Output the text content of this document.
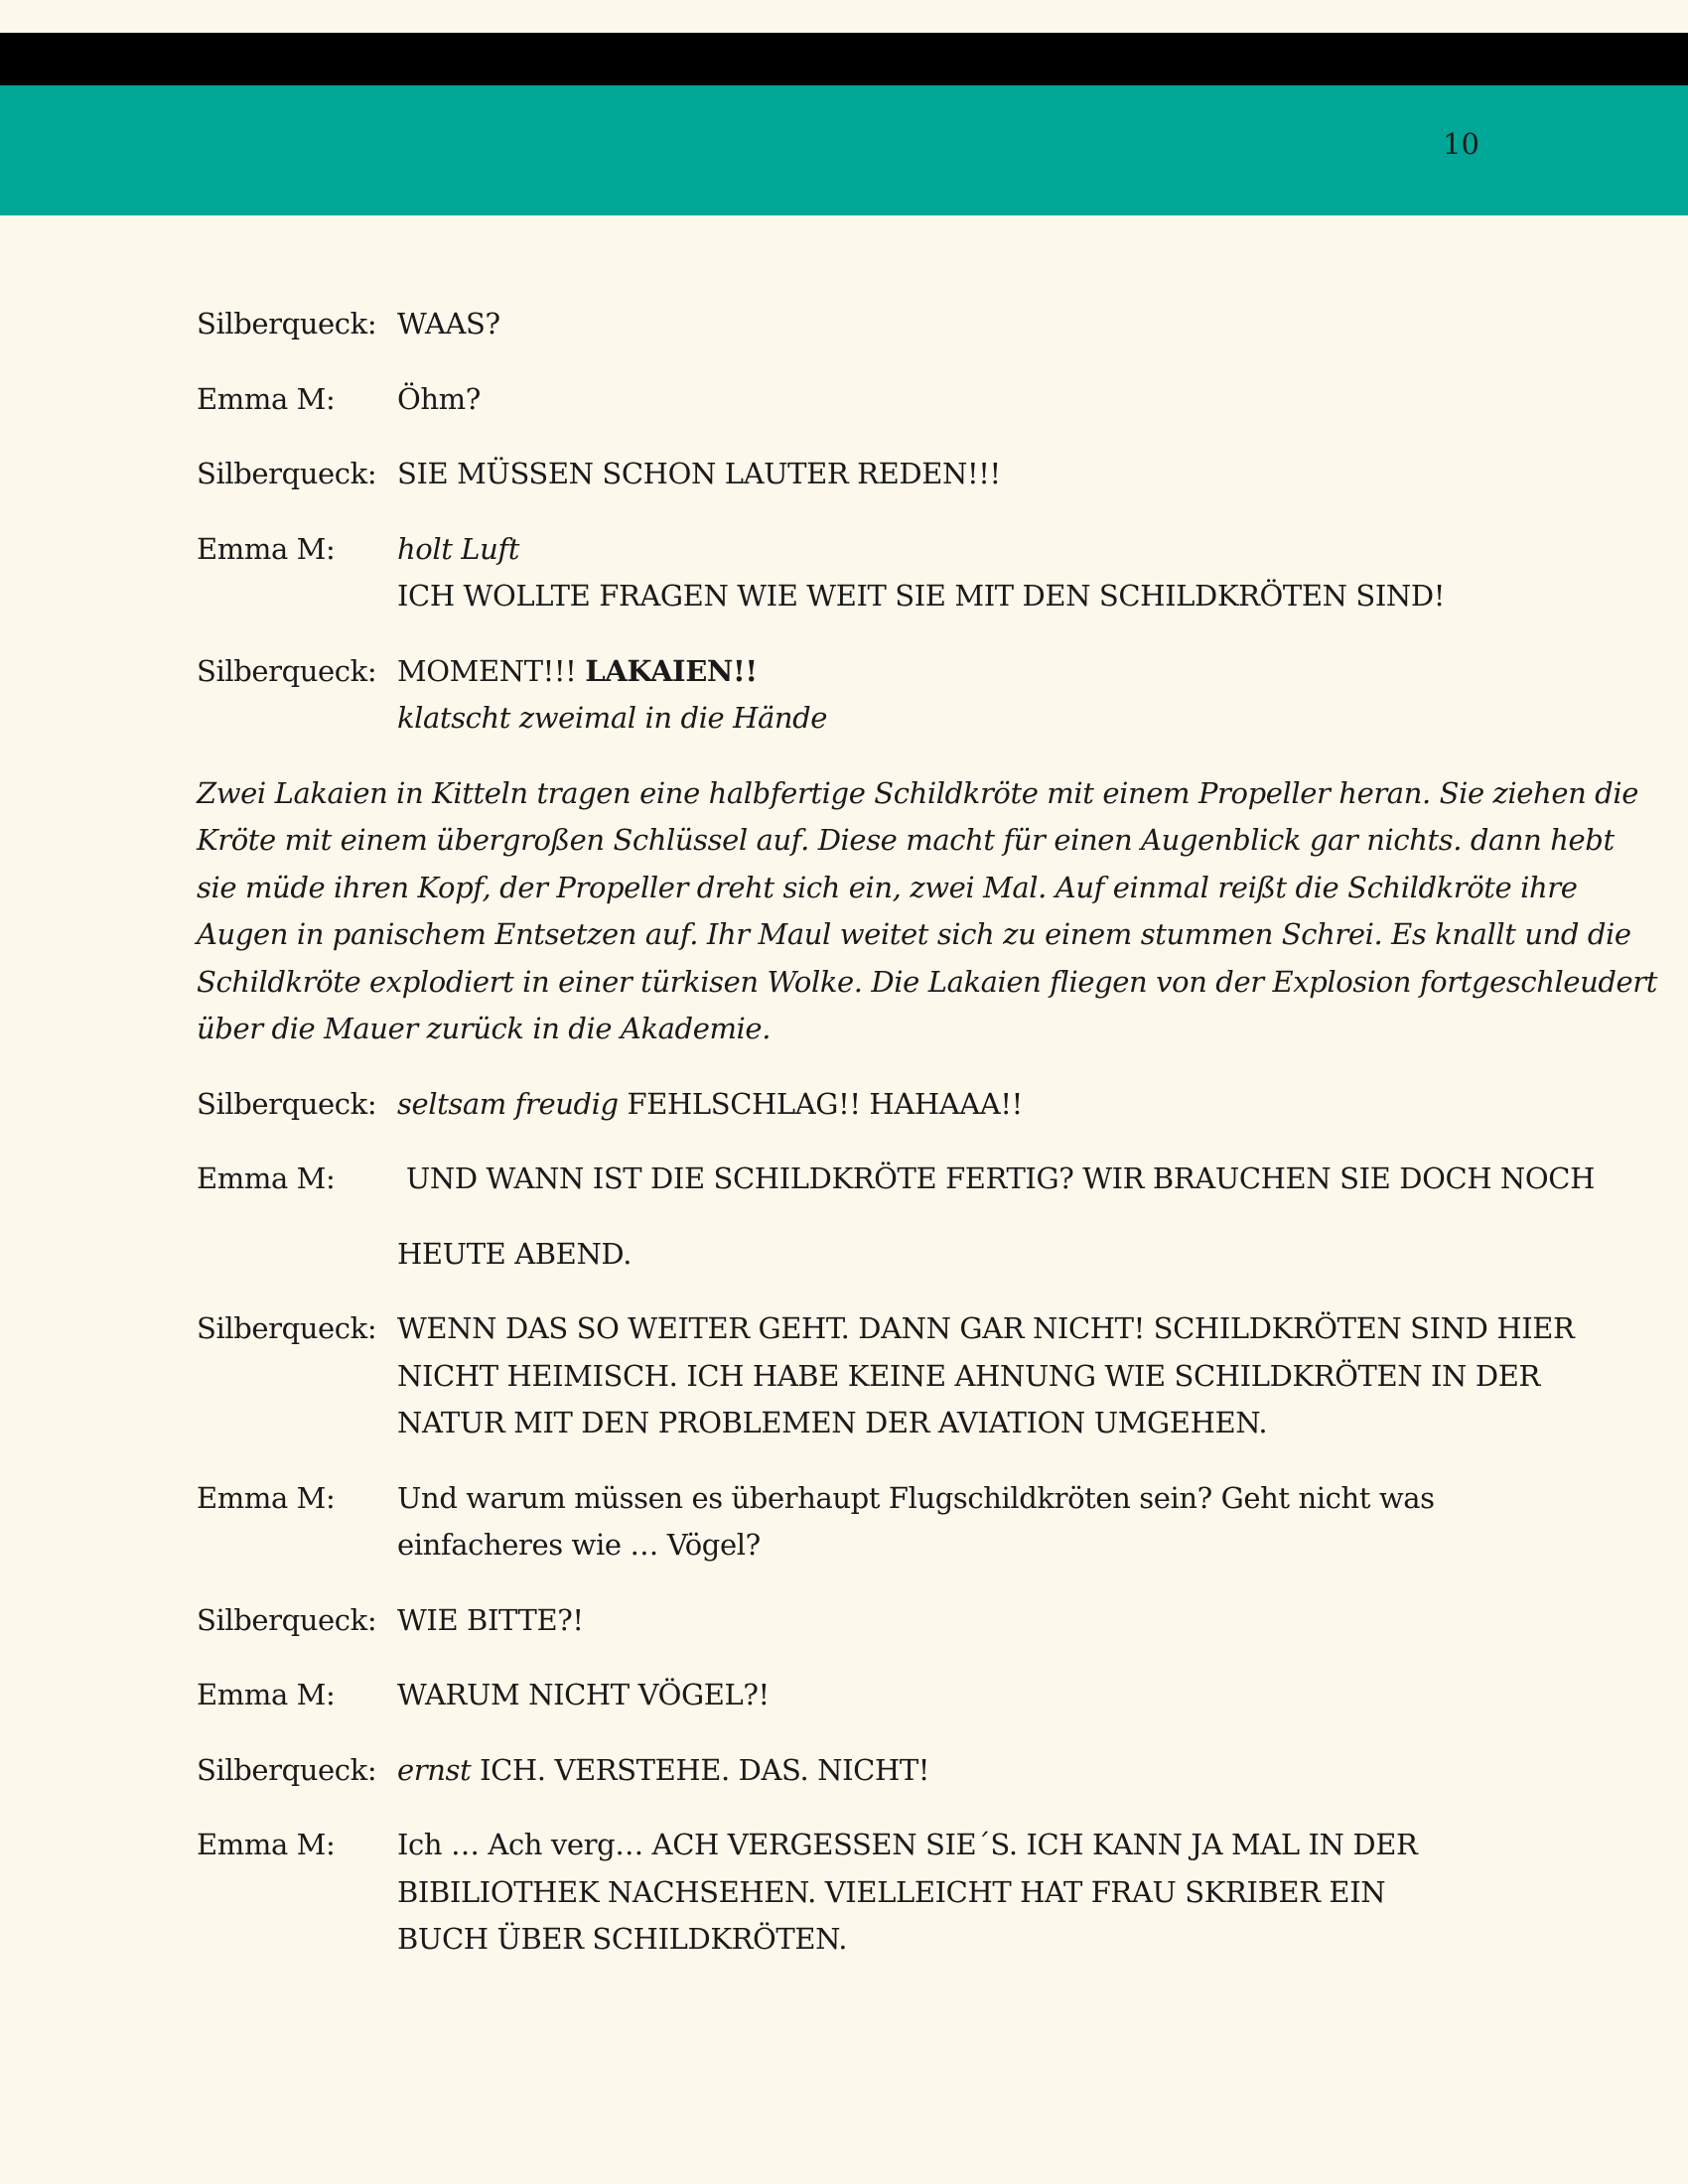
10
Silberqueck: WAAS?
Emma M:	Öhm?
Silberqueck: SIE MÜSSEN SCHON LAUTER REDEN!!!
Emma M:	holt Luft
ICH WOLLTE FRAGEN WIE WEIT SIE MIT DEN SCHILDKRÖTEN SIND!
Silberqueck: MOMENT!!! LAKAIEN!!
klatscht zweimal in die Hände
Zwei Lakaien in Kitteln tragen eine halbfertige Schildkröte mit einem Propeller heran. Sie ziehen die
Kröte mit einem übergroßen Schlüssel auf. Diese macht für einen Augenblick gar nichts. dann hebt
sie müde ihren Kopf, der Propeller dreht sich ein, zwei Mal. Auf einmal reißt die Schildkröte ihre
Augen in panischem Entsetzen auf. Ihr Maul weitet sich zu einem stummen Schrei. Es knallt und die
Schildkröte explodiert in einer türkisen Wolke. Die Lakaien fliegen von der Explosion fortgeschleudert
über die Mauer zurück in die Akademie.
Silberqueck: seltsam freudig FEHLSCHLAG!! HAHAAA!!
Emma M:	UND WANN IST DIE SCHILDKRÖTE FERTIG? WIR BRAUCHEN SIE DOCH NOCH
HEUTE ABEND.
Silberqueck: WENN DAS SO WEITER GEHT. DANN GAR NICHT! SCHILDKRÖTEN SIND HIER
NICHT HEIMISCH. ICH HABE KEINE AHNUNG WIE SCHILDKRÖTEN IN DER
NATUR MIT DEN PROBLEMEN DER AVIATION UMGEHEN.
Emma M:	Und warum müssen es überhaupt Flugschildkröten sein? Geht nicht was
einfacheres wie … Vögel?
Silberqueck: WIE BITTE?!
Emma M:	WARUM NICHT VÖGEL?!
Silberqueck: ernst ICH. VERSTEHE. DAS. NICHT!
Emma M:	Ich … Ach verg… ACH VERGESSEN SIE´S. ICH KANN JA MAL IN DER
BIBILIOTHEK NACHSEHEN. VIELLEICHT HAT FRAU SKRIBER EIN
BUCH ÜBER SCHILDKRÖTEN.
